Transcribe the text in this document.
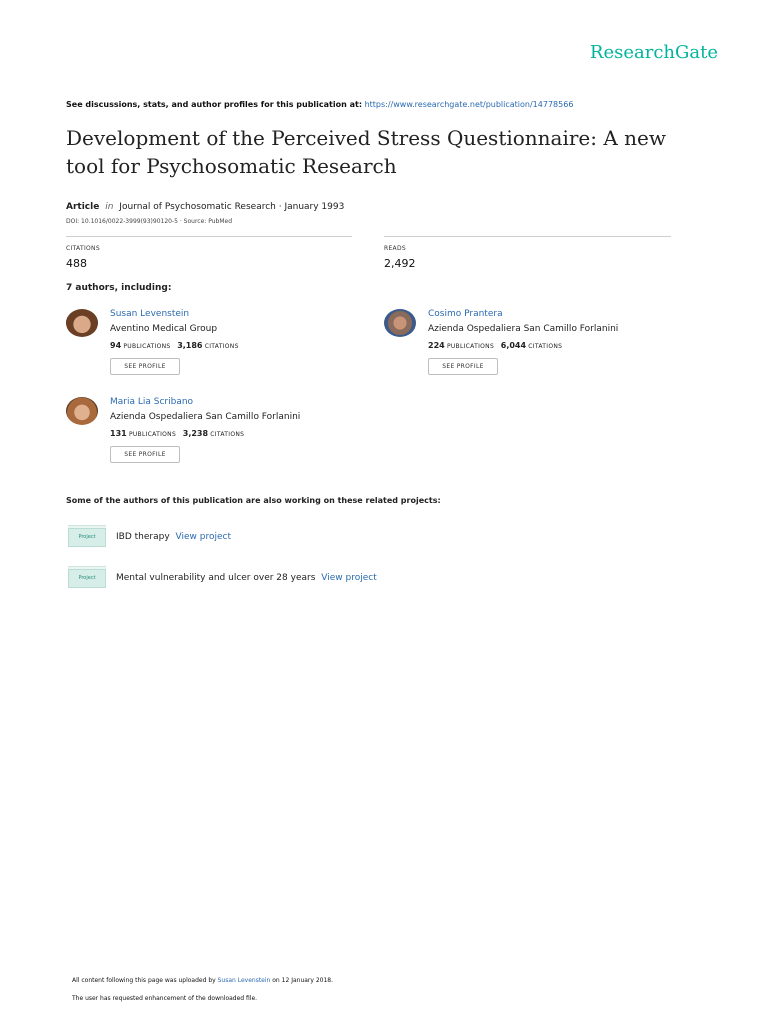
ResearchGate
See discussions, stats, and author profiles for this publication at: https://www.researchgate.net/publication/14778566
Development of the Perceived Stress Questionnaire: A new tool for Psychosomatic Research
Article in Journal of Psychosomatic Research · January 1993
DOI: 10.1016/0022-3999(93)90120-5 · Source: PubMed
CITATIONS
488
READS
2,492
7 authors, including:
Susan Levenstein
Aventino Medical Group
94 PUBLICATIONS 3,186 CITATIONS
SEE PROFILE
Cosimo Prantera
Azienda Ospedaliera San Camillo Forlanini
224 PUBLICATIONS 6,044 CITATIONS
SEE PROFILE
Maria Lia Scribano
Azienda Ospedaliera San Camillo Forlanini
131 PUBLICATIONS 3,238 CITATIONS
SEE PROFILE
Some of the authors of this publication are also working on these related projects:
Project	IBD therapy View project
Project	Mental vulnerability and ulcer over 28 years View project
All content following this page was uploaded by Susan Levenstein on 12 January 2018.
The user has requested enhancement of the downloaded file.
